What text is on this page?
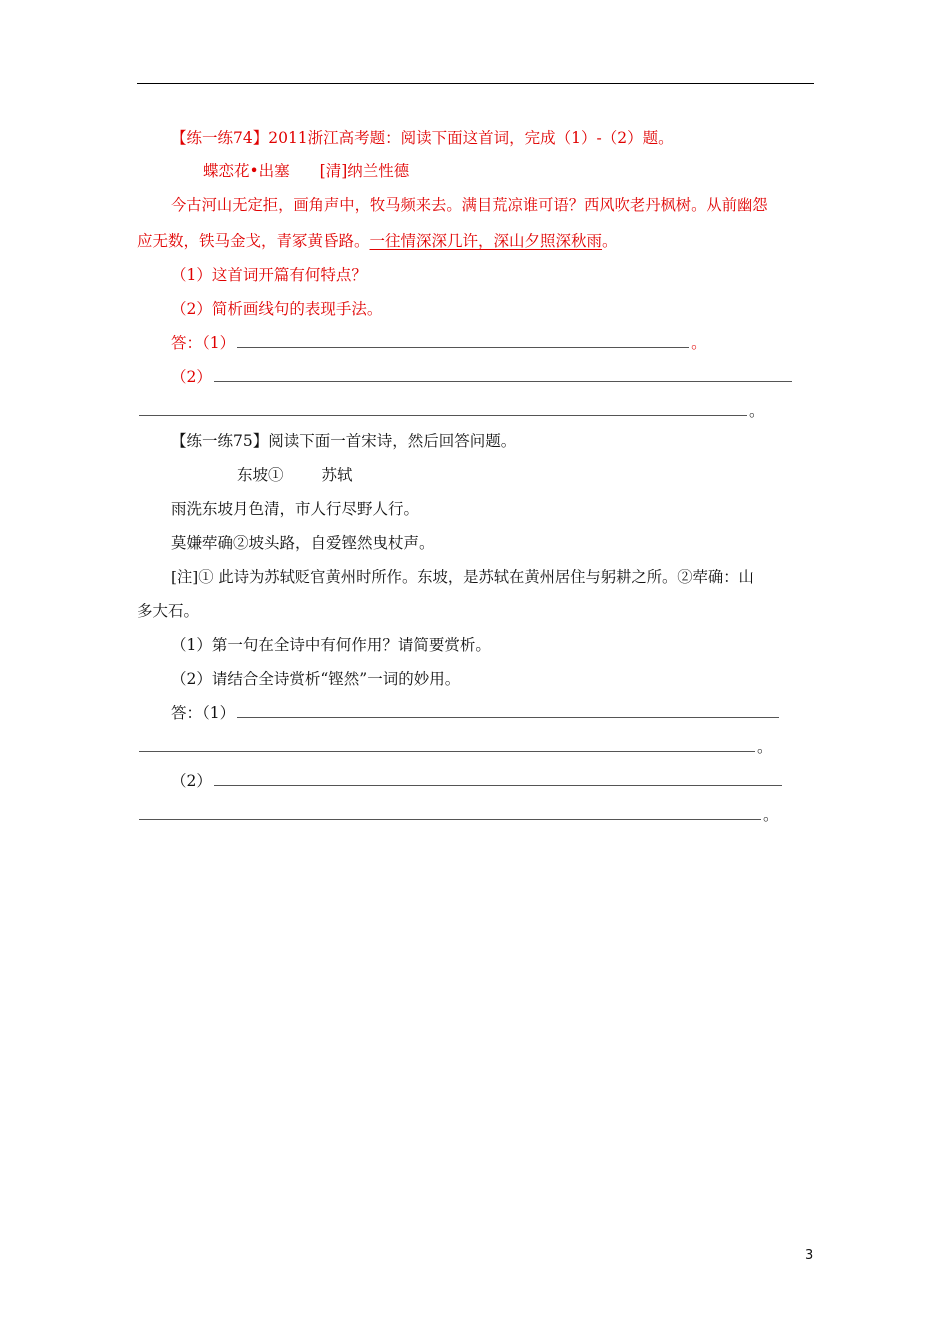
【练一练74】2011浙江高考题：阅读下面这首词，完成（1）-（2）题。
蝶恋花•出塞 [清]纳兰性德
今古河山无定拒，画角声中，牧马频来去。满目荒凉谁可语？西风吹老丹枫树。从前幽怨
应无数，铁马金戈，青冢黄昏路。一往情深深几许，深山夕照深秋雨。
（1）这首词开篇有何特点？
（2）简析画线句的表现手法。
答：（1）	。
（2）
。
【练一练75】阅读下面一首宋诗，然后回答问题。
东坡① 苏轼
雨洗东坡月色清，市人行尽野人行。
莫嫌荦确②坡头路，自爱铿然曳杖声。
[注]① 此诗为苏轼贬官黄州时所作。东坡，是苏轼在黄州居住与躬耕之所。②荦确：山
多大石。
（1）第一句在全诗中有何作用？请简要赏析。
（2）请结合全诗赏析“铿然”一词的妙用。
答：（1）
。
（2）
。
3
